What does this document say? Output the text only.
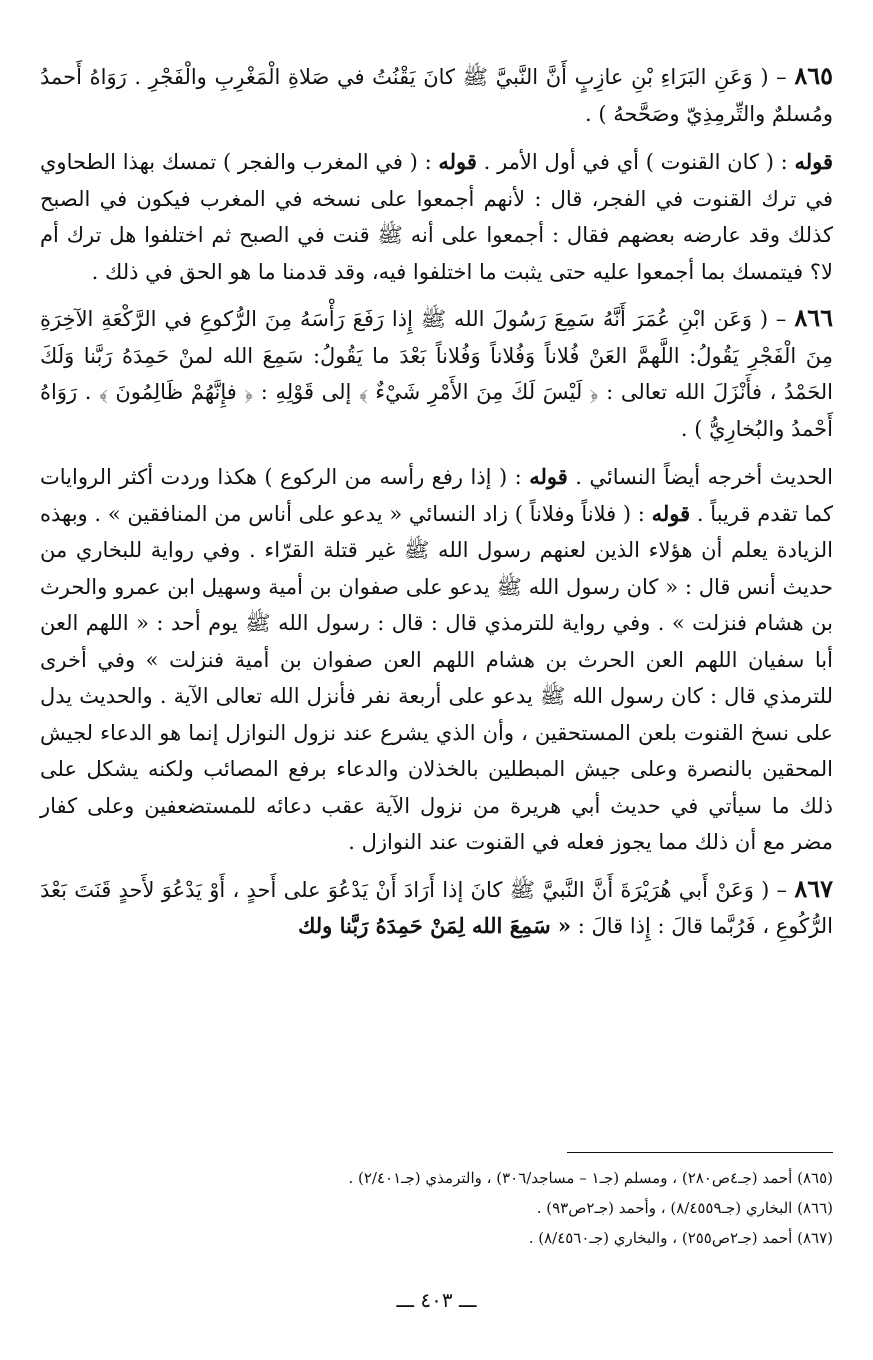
٨٦٥ – ( وَعَنِ البَرَاءِ بْنِ عازِبٍ أَنَّ النَّبيَّ ﷺ كانَ يَقْنُتُ في صَلاةِ الْمَغْرِبِ والْفَجْرِ . رَوَاهُ أَحمدُ ومُسلمٌ والتِّرمِذِيّ وصَحَّحهُ ) .

قوله : ( كان القنوت ) أي في أول الأمر . قوله : ( في المغرب والفجر ) تمسك بهذا الطحاوي في ترك القنوت في الفجر، قال : لأنهم أجمعوا على نسخه في المغرب فيكون في الصبح كذلك وقد عارضه بعضهم فقال : أجمعوا على أنه ﷺ قنت في الصبح ثم اختلفوا هل ترك أم لا؟ فيتمسك بما أجمعوا عليه حتى يثبت ما اختلفوا فيه، وقد قدمنا ما هو الحق في ذلك .

٨٦٦ – ( وَعَن ابْنِ عُمَرَ أَنَّهُ سَمِعَ رَسُولَ الله ﷺ إِذا رَفَعَ رَأْسَهُ مِنَ الرُّكوعِ في الرَّكْعَةِ الآخِرَةِ مِنَ الْفَجْرِ يَقُولُ: اللَّهمَّ العَنْ فُلاناً وَفُلاناً وَفُلاناً بَعْدَ ما يَقُولُ: سَمِعَ الله لمنْ حَمِدَهُ رَبَّنا وَلَكَ الحَمْدُ ، فأَنْزَلَ الله تعالى : ﴿ لَيْسَ لَكَ مِنَ الأَمْرِ شَيْءٌ ﴾ إلى قَوْلِهِ : ﴿ فإِنَّهُمْ ظَالِمُونَ ﴾ . رَوَاهُ أَحْمدُ والبُخارِيُّ ) .

الحديث أخرجه أيضاً النسائي . قوله : ( إذا رفع رأسه من الركوع ) هكذا وردت أكثر الروايات كما تقدم قريباً . قوله : ( فلاناً وفلاناً ) زاد النسائي « يدعو على أناس من المنافقين » . وبهذه الزيادة يعلم أن هؤلاء الذين لعنهم رسول الله ﷺ غير قتلة القرّاء . وفي رواية للبخاري من حديث أنس قال : « كان رسول الله ﷺ يدعو على صفوان بن أمية وسهيل ابن عمرو والحرث بن هشام فنزلت » . وفي رواية للترمذي قال : قال : رسول الله ﷺ يوم أحد : « اللهم العن أبا سفيان اللهم العن الحرث بن هشام اللهم العن صفوان بن أمية فنزلت » وفي أخرى للترمذي قال : كان رسول الله ﷺ يدعو على أربعة نفر فأنزل الله تعالى الآية . والحديث يدل على نسخ القنوت بلعن المستحقين ، وأن الذي يشرع عند نزول النوازل إنما هو الدعاء لجيش المحقين بالنصرة وعلى جيش المبطلين بالخذلان والدعاء برفع المصائب ولكنه يشكل على ذلك ما سيأتي في حديث أبي هريرة من نزول الآية عقب دعائه للمستضعفين وعلى كفار مضر مع أن ذلك مما يجوز فعله في القنوت عند النوازل .

٨٦٧ – ( وَعَنْ أَبي هُرَيْرَةَ أَنَّ النَّبيَّ ﷺ كانَ إذا أَرَادَ أَنْ يَدْعُوَ على أَحدٍ ، أَوْ يَدْعُوَ لأَحدٍ قَنَتَ بَعْدَ الرُّكُوعِ ، فَرُبَّما قالَ : إِذا قالَ : « سَمِعَ الله لِمَنْ حَمِدَهُ رَبَّنا ولك

(٨٦٥) أحمد (جـ٤ص٢٨٠) ، ومسلم (جـ١ – مساجد/٣٠٦) ، والترمذي (جـ٢/٤٠١) .

(٨٦٦) البخاري (جـ٨/٤٥٥٩) ، وأحمد (جـ٢ص٩٣) .

(٨٦٧) أحمد (جـ٢ص٢٥٥) ، والبخاري (جـ٨/٤٥٦٠) .

ـــ ٤٠٣ ـــ
